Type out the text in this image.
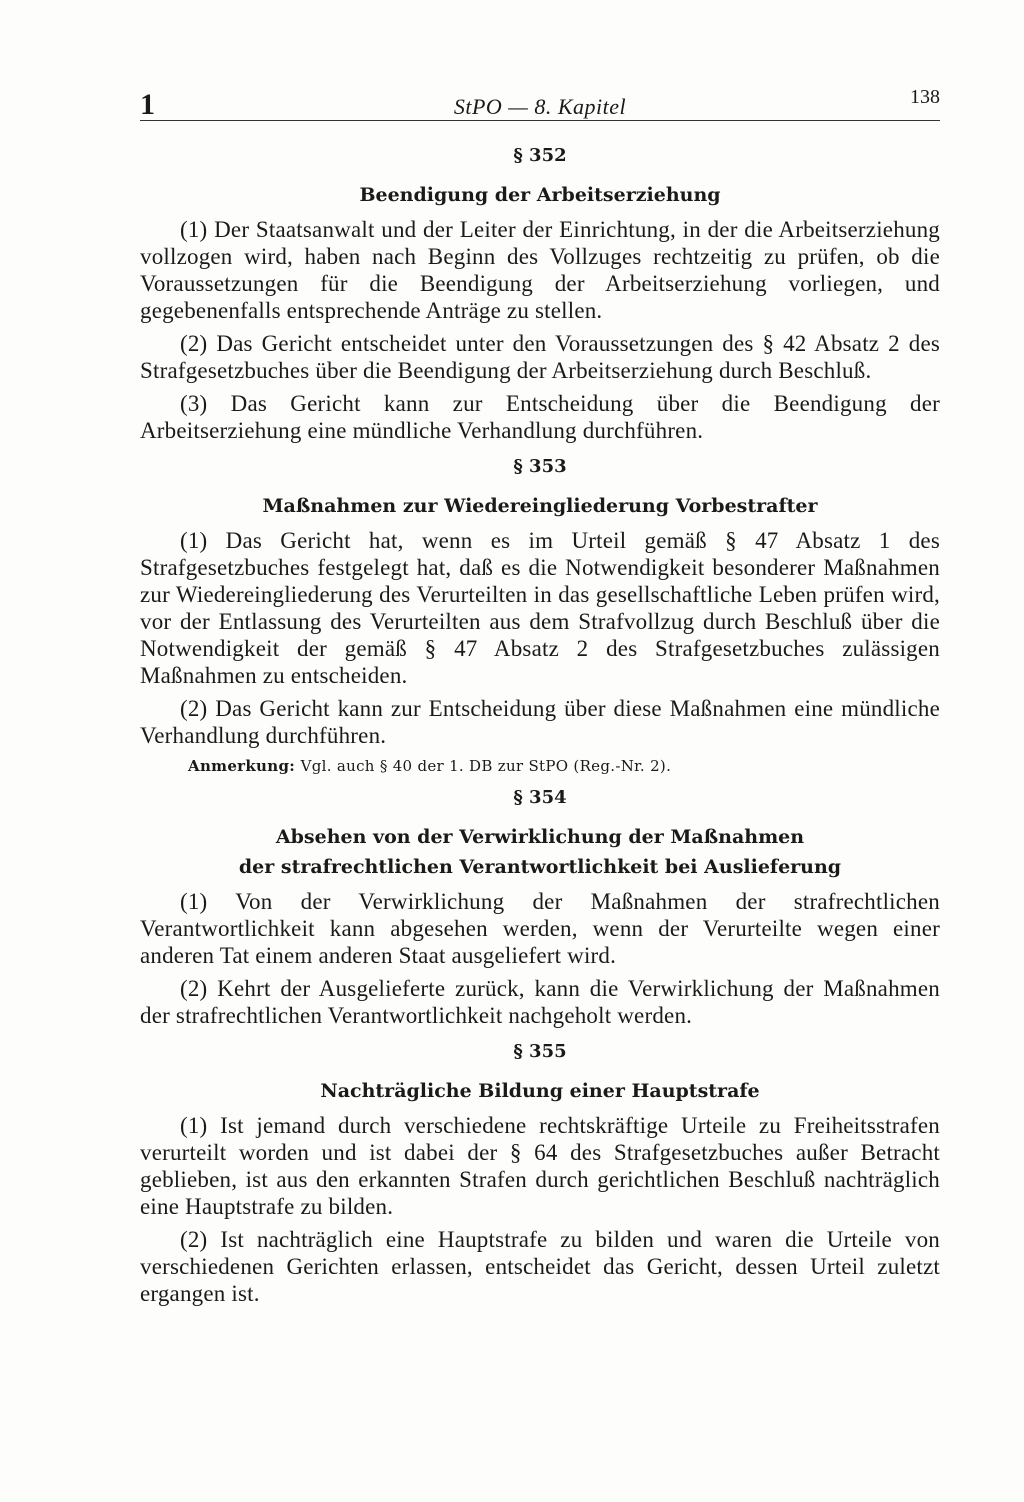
1	StPO — 8. Kapitel	138
§ 352
Beendigung der Arbeitserziehung

(1) Der Staatsanwalt und der Leiter der Einrichtung, in der die Arbeitserziehung vollzogen wird, haben nach Beginn des Vollzuges rechtzeitig zu prüfen, ob die Voraussetzungen für die Beendigung der Arbeitserziehung vorliegen, und gegebenenfalls entsprechende Anträge zu stellen.

(2) Das Gericht entscheidet unter den Voraussetzungen des § 42 Absatz 2 des Strafgesetzbuches über die Beendigung der Arbeitserziehung durch Beschluß.

(3) Das Gericht kann zur Entscheidung über die Beendigung der Arbeitserziehung eine mündliche Verhandlung durchführen.

§ 353
Maßnahmen zur Wiedereingliederung Vorbestrafter

(1) Das Gericht hat, wenn es im Urteil gemäß § 47 Absatz 1 des Strafgesetzbuches festgelegt hat, daß es die Notwendigkeit besonderer Maßnahmen zur Wiedereingliederung des Verurteilten in das gesellschaftliche Leben prüfen wird, vor der Entlassung des Verurteilten aus dem Strafvollzug durch Beschluß über die Notwendigkeit der gemäß § 47 Absatz 2 des Strafgesetzbuches zulässigen Maßnahmen zu entscheiden.

(2) Das Gericht kann zur Entscheidung über diese Maßnahmen eine mündliche Verhandlung durchführen.

Anmerkung: Vgl. auch § 40 der 1. DB zur StPO (Reg.-Nr. 2).
§ 354
Absehen von der Verwirklichung der Maßnahmen
der strafrechtlichen Verantwortlichkeit bei Auslieferung

(1) Von der Verwirklichung der Maßnahmen der strafrechtlichen Verantwortlichkeit kann abgesehen werden, wenn der Verurteilte wegen einer anderen Tat einem anderen Staat ausgeliefert wird.

(2) Kehrt der Ausgelieferte zurück, kann die Verwirklichung der Maßnahmen der strafrechtlichen Verantwortlichkeit nachgeholt werden.

§ 355
Nachträgliche Bildung einer Hauptstrafe

(1) Ist jemand durch verschiedene rechtskräftige Urteile zu Freiheitsstrafen verurteilt worden und ist dabei der § 64 des Strafgesetzbuches außer Betracht geblieben, ist aus den erkannten Strafen durch gerichtlichen Beschluß nachträglich eine Hauptstrafe zu bilden.

(2) Ist nachträglich eine Hauptstrafe zu bilden und waren die Urteile von verschiedenen Gerichten erlassen, entscheidet das Gericht, dessen Urteil zuletzt ergangen ist.
